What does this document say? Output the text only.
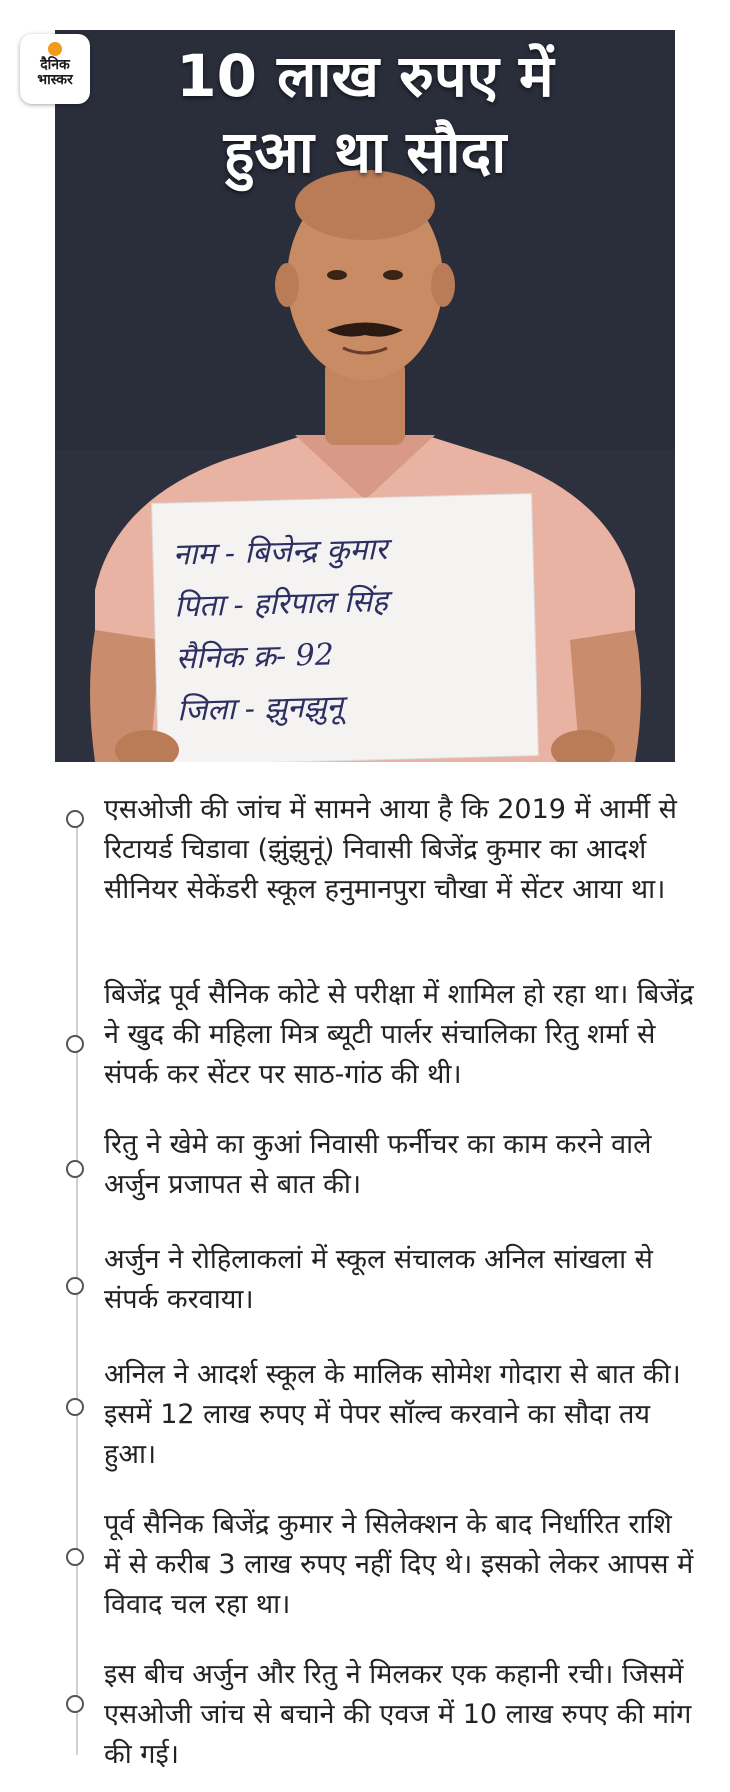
नाम - बिजेन्द्र कुमार
पिता - हरिपाल सिंह
सैनिक क्र- 92
जिला - झुनझुनू
10 लाख रुपए में
हुआ था सौदा
दैनिक
भास्कर
एसओजी की जांच में सामने आया है कि 2019 में आर्मी से रिटायर्ड चिडावा (झुंझुनूं) निवासी बिजेंद्र कुमार का आदर्श सीनियर सेकेंडरी स्कूल हनुमानपुरा चौखा में सेंटर आया था।
बिजेंद्र पूर्व सैनिक कोटे से परीक्षा में शामिल हो रहा था। बिजेंद्र ने खुद की महिला मित्र ब्यूटी पार्लर संचालिका रितु शर्मा से संपर्क कर सेंटर पर साठ-गांठ की थी।
रितु ने खेमे का कुआं निवासी फर्नीचर का काम करने वाले अर्जुन प्रजापत से बात की।
अर्जुन ने रोहिलाकलां में स्कूल संचालक अनिल सांखला से संपर्क करवाया।
अनिल ने आदर्श स्कूल के मालिक सोमेश गोदारा से बात की। इसमें 12 लाख रुपए में पेपर सॉल्व करवाने का सौदा तय हुआ।
पूर्व सैनिक बिजेंद्र कुमार ने सिलेक्शन के बाद निर्धारित राशि में से करीब 3 लाख रुपए नहीं दिए थे। इसको लेकर आपस में विवाद चल रहा था।
इस बीच अर्जुन और रितु ने मिलकर एक कहानी रची। जिसमें एसओजी जांच से बचाने की एवज में 10 लाख रुपए की मांग की गई।
